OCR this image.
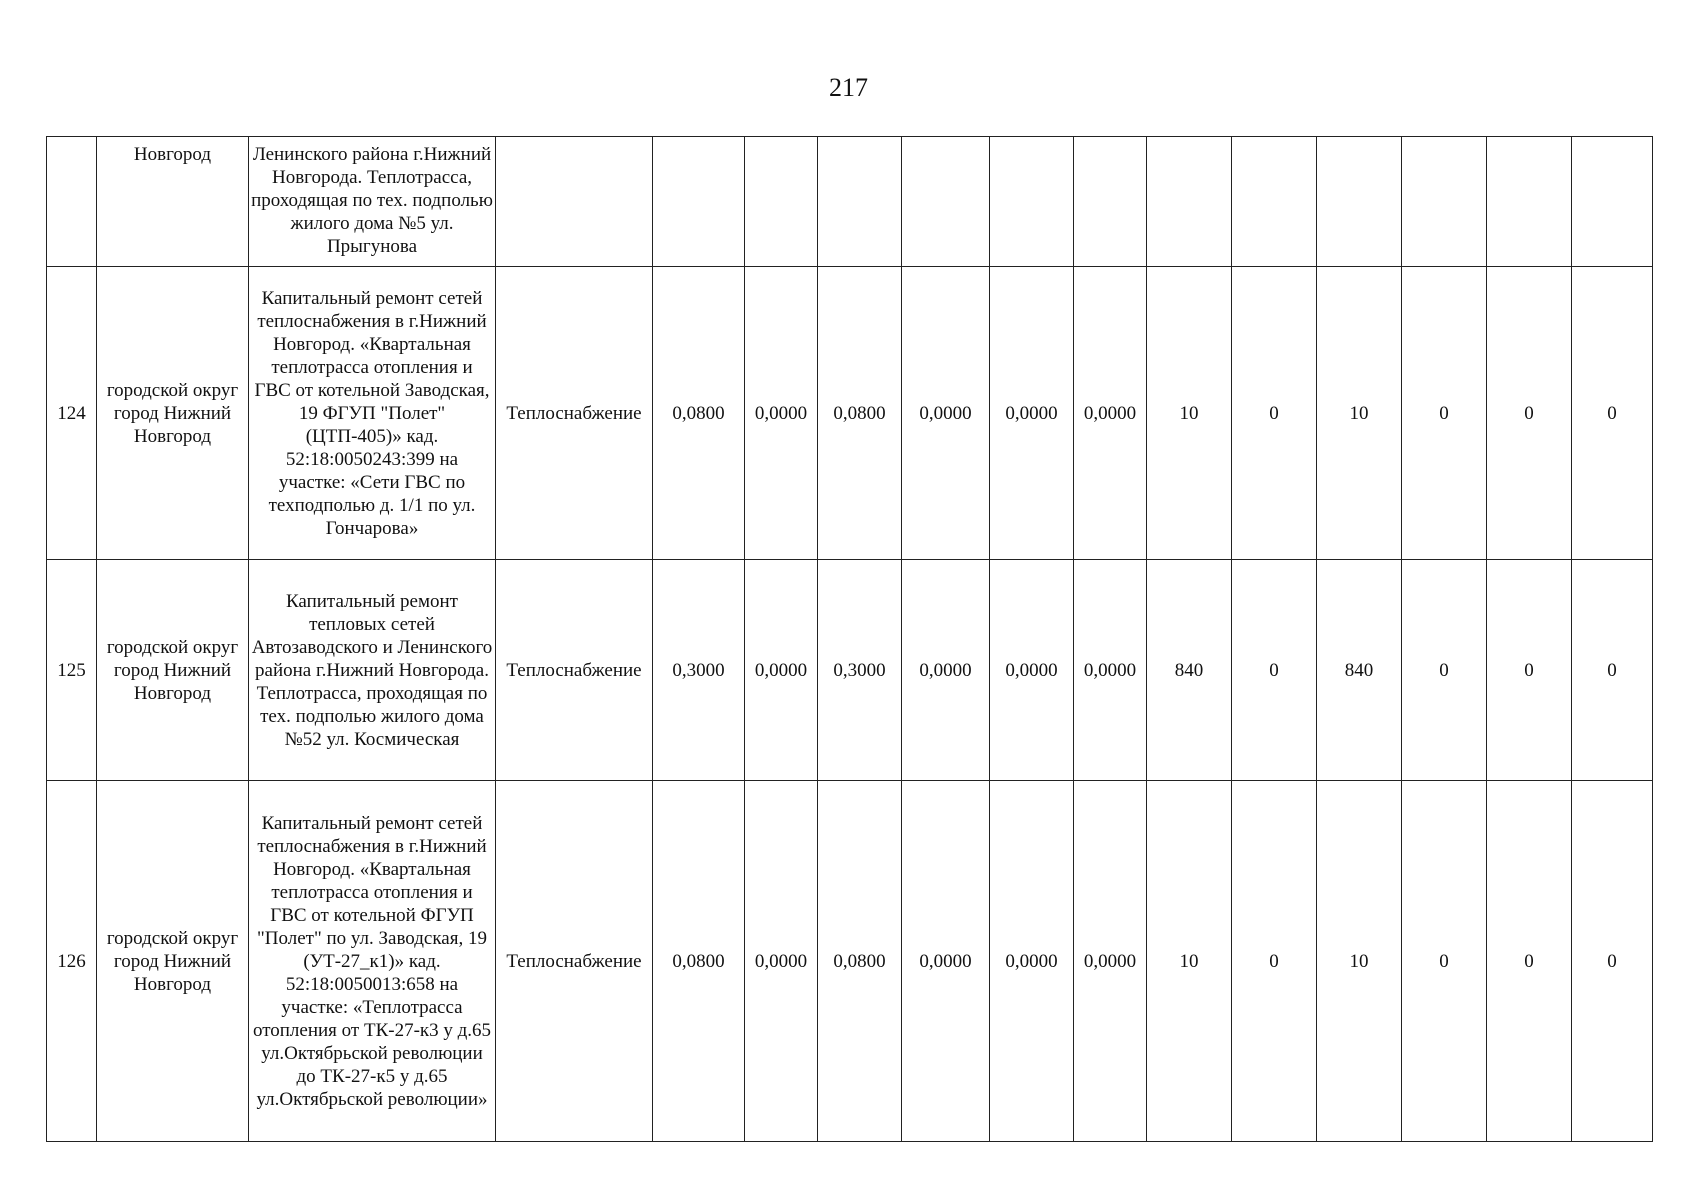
217
	Новгород	Ленинского района г.Нижний Новгорода. Теплотрасса, проходящая по тех. подполью жилого дома №5 ул. Прыгунова													
124	городской округ город Нижний Новгород	Капитальный ремонт сетей теплоснабжения в г.Нижний Новгород. «Квартальная теплотрасса отопления и ГВС от котельной Заводская, 19 ФГУП "Полет" (ЦТП-405)» кад. 52:18:0050243:399 на участке: «Сети ГВС по техподполью д. 1/1 по ул. Гончарова»	Теплоснабжение	0,0800	0,0000	0,0800	0,0000	0,0000	0,0000	10	0	10	0	0	0
125	городской округ город Нижний Новгород	Капитальный ремонт тепловых сетей Автозаводского и Ленинского района г.Нижний Новгорода. Теплотрасса, проходящая по тех. подполью жилого дома №52 ул. Космическая	Теплоснабжение	0,3000	0,0000	0,3000	0,0000	0,0000	0,0000	840	0	840	0	0	0
126	городской округ город Нижний Новгород	Капитальный ремонт сетей теплоснабжения в г.Нижний Новгород. «Квартальная теплотрасса отопления и ГВС от котельной ФГУП "Полет" по ул. Заводская, 19 (УТ-27_к1)» кад. 52:18:0050013:658 на участке: «Теплотрасса отопления от ТК-27-к3 у д.65 ул.Октябрьской революции до ТК-27-к5 у д.65 ул.Октябрьской революции»	Теплоснабжение	0,0800	0,0000	0,0800	0,0000	0,0000	0,0000	10	0	10	0	0	0
